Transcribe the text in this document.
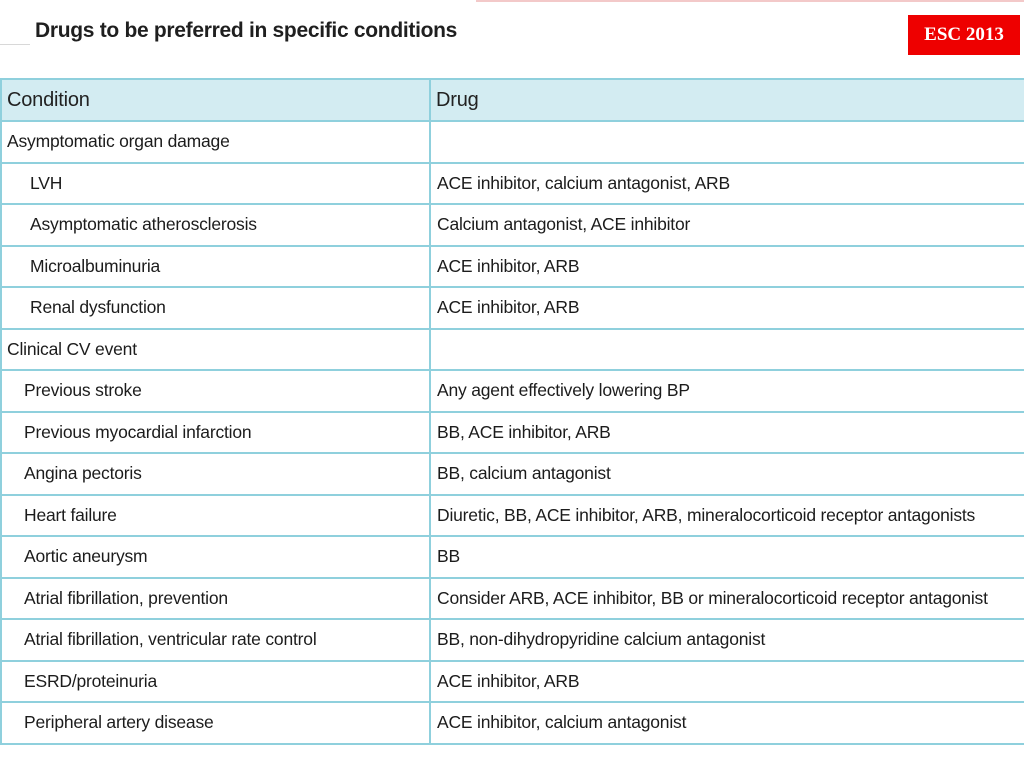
Drugs to be preferred in specific conditions	ESC 2013
Condition	Drug
Asymptomatic organ damage	
LVH	ACE inhibitor, calcium antagonist, ARB
Asymptomatic atherosclerosis	Calcium antagonist, ACE inhibitor
Microalbuminuria	ACE inhibitor, ARB
Renal dysfunction	ACE inhibitor, ARB
Clinical CV event	
Previous stroke	Any agent effectively lowering BP
Previous myocardial infarction	BB, ACE inhibitor, ARB
Angina pectoris	BB, calcium antagonist
Heart failure	Diuretic, BB, ACE inhibitor, ARB, mineralocorticoid receptor antagonists
Aortic aneurysm	BB
Atrial fibrillation, prevention	Consider ARB, ACE inhibitor, BB or mineralocorticoid receptor antagonist
Atrial fibrillation, ventricular rate control	BB, non-dihydropyridine calcium antagonist
ESRD/proteinuria	ACE inhibitor, ARB
Peripheral artery disease	ACE inhibitor, calcium antagonist
